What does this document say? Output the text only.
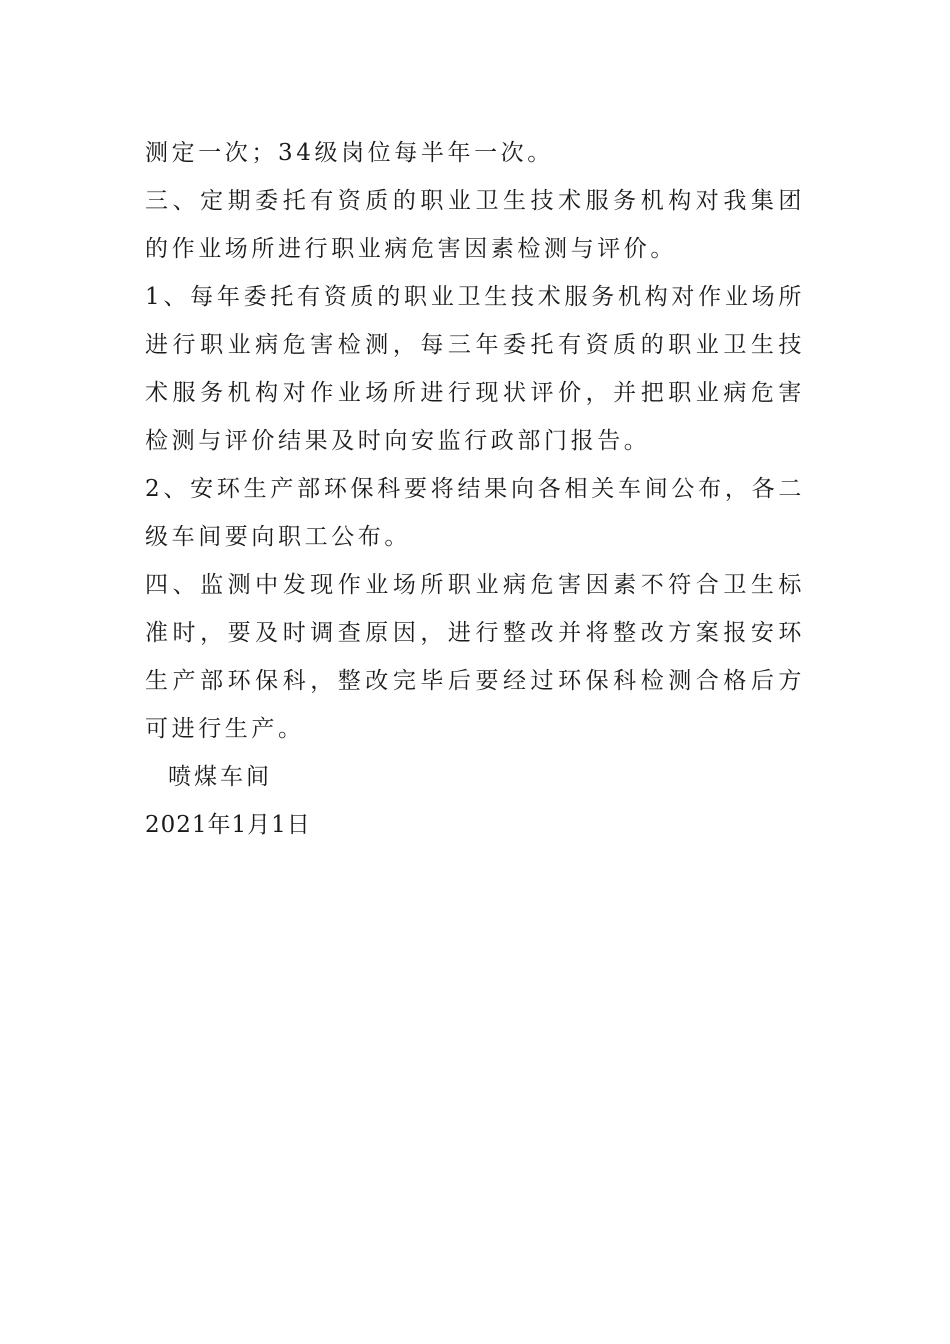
测定一次；34级岗位每半年一次。

三、定期委托有资质的职业卫生技术服务机构对我集团的作业场所进行职业病危害因素检测与评价。

1、每年委托有资质的职业卫生技术服务机构对作业场所进行职业病危害检测，每三年委托有资质的职业卫生技术服务机构对作业场所进行现状评价，并把职业病危害检测与评价结果及时向安监行政部门报告。

2、安环生产部环保科要将结果向各相关车间公布，各二级车间要向职工公布。

四、监测中发现作业场所职业病危害因素不符合卫生标准时，要及时调查原因，进行整改并将整改方案报安环生产部环保科，整改完毕后要经过环保科检测合格后方可进行生产。

喷煤车间

2021年1月1日
